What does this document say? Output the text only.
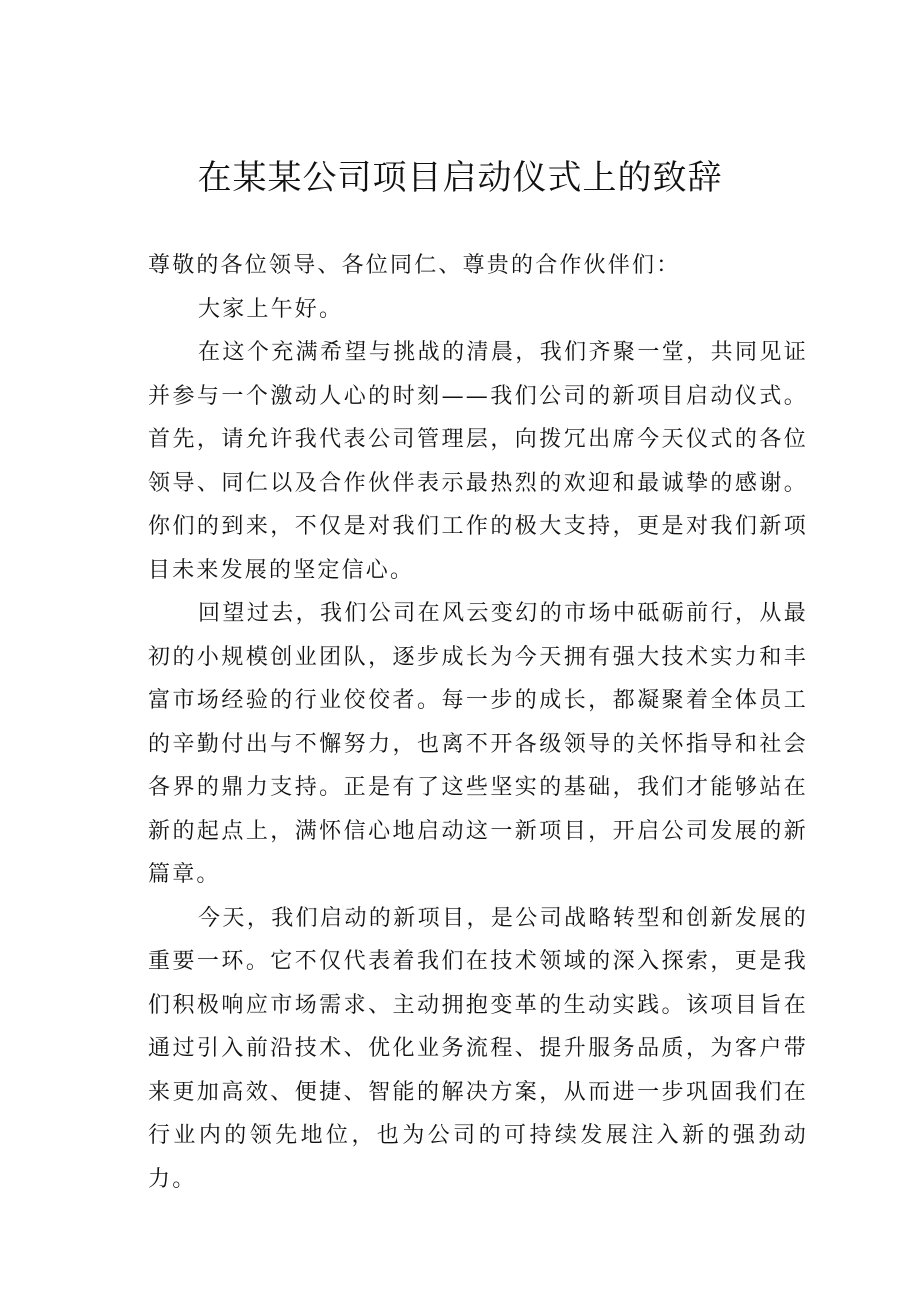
在某某公司项目启动仪式上的致辞

尊敬的各位领导、各位同仁、尊贵的合作伙伴们：

大家上午好。

在这个充满希望与挑战的清晨，我们齐聚一堂，共同见证并参与一个激动人心的时刻——我们公司的新项目启动仪式。首先，请允许我代表公司管理层，向拨冗出席今天仪式的各位领导、同仁以及合作伙伴表示最热烈的欢迎和最诚挚的感谢。你们的到来，不仅是对我们工作的极大支持，更是对我们新项目未来发展的坚定信心。

回望过去，我们公司在风云变幻的市场中砥砺前行，从最初的小规模创业团队，逐步成长为今天拥有强大技术实力和丰富市场经验的行业佼佼者。每一步的成长，都凝聚着全体员工的辛勤付出与不懈努力，也离不开各级领导的关怀指导和社会各界的鼎力支持。正是有了这些坚实的基础，我们才能够站在新的起点上，满怀信心地启动这一新项目，开启公司发展的新篇章。

今天，我们启动的新项目，是公司战略转型和创新发展的重要一环。它不仅代表着我们在技术领域的深入探索，更是我们积极响应市场需求、主动拥抱变革的生动实践。该项目旨在通过引入前沿技术、优化业务流程、提升服务品质，为客户带来更加高效、便捷、智能的解决方案，从而进一步巩固我们在行业内的领先地位，也为公司的可持续发展注入新的强劲动力。
